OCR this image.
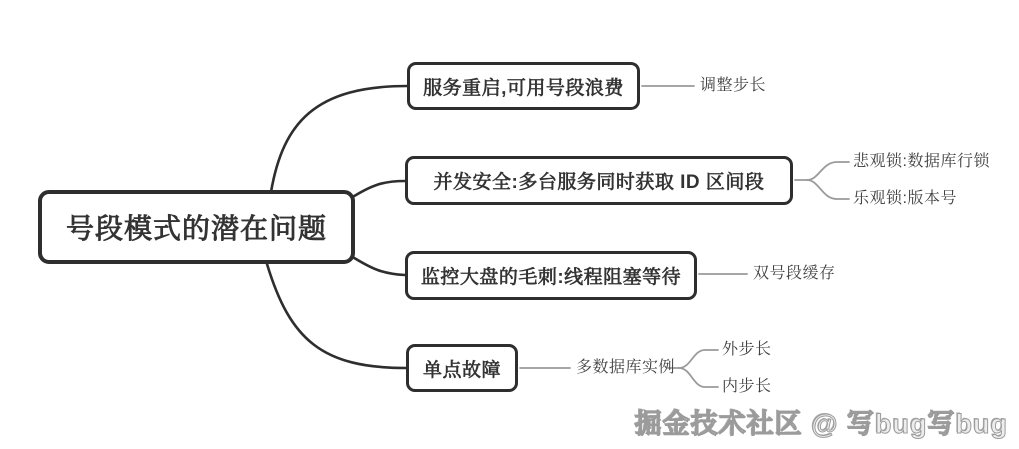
号段模式的潜在问题
服务重启,可用号段浪费
并发安全:多台服务同时获取 ID 区间段
监控大盘的毛刺:线程阻塞等待
单点故障
调整步长
悲观锁:数据库行锁
乐观锁:版本号
双号段缓存
多数据库实例
外步长
内步长
掘金技术社区 @ 写bug写bug
